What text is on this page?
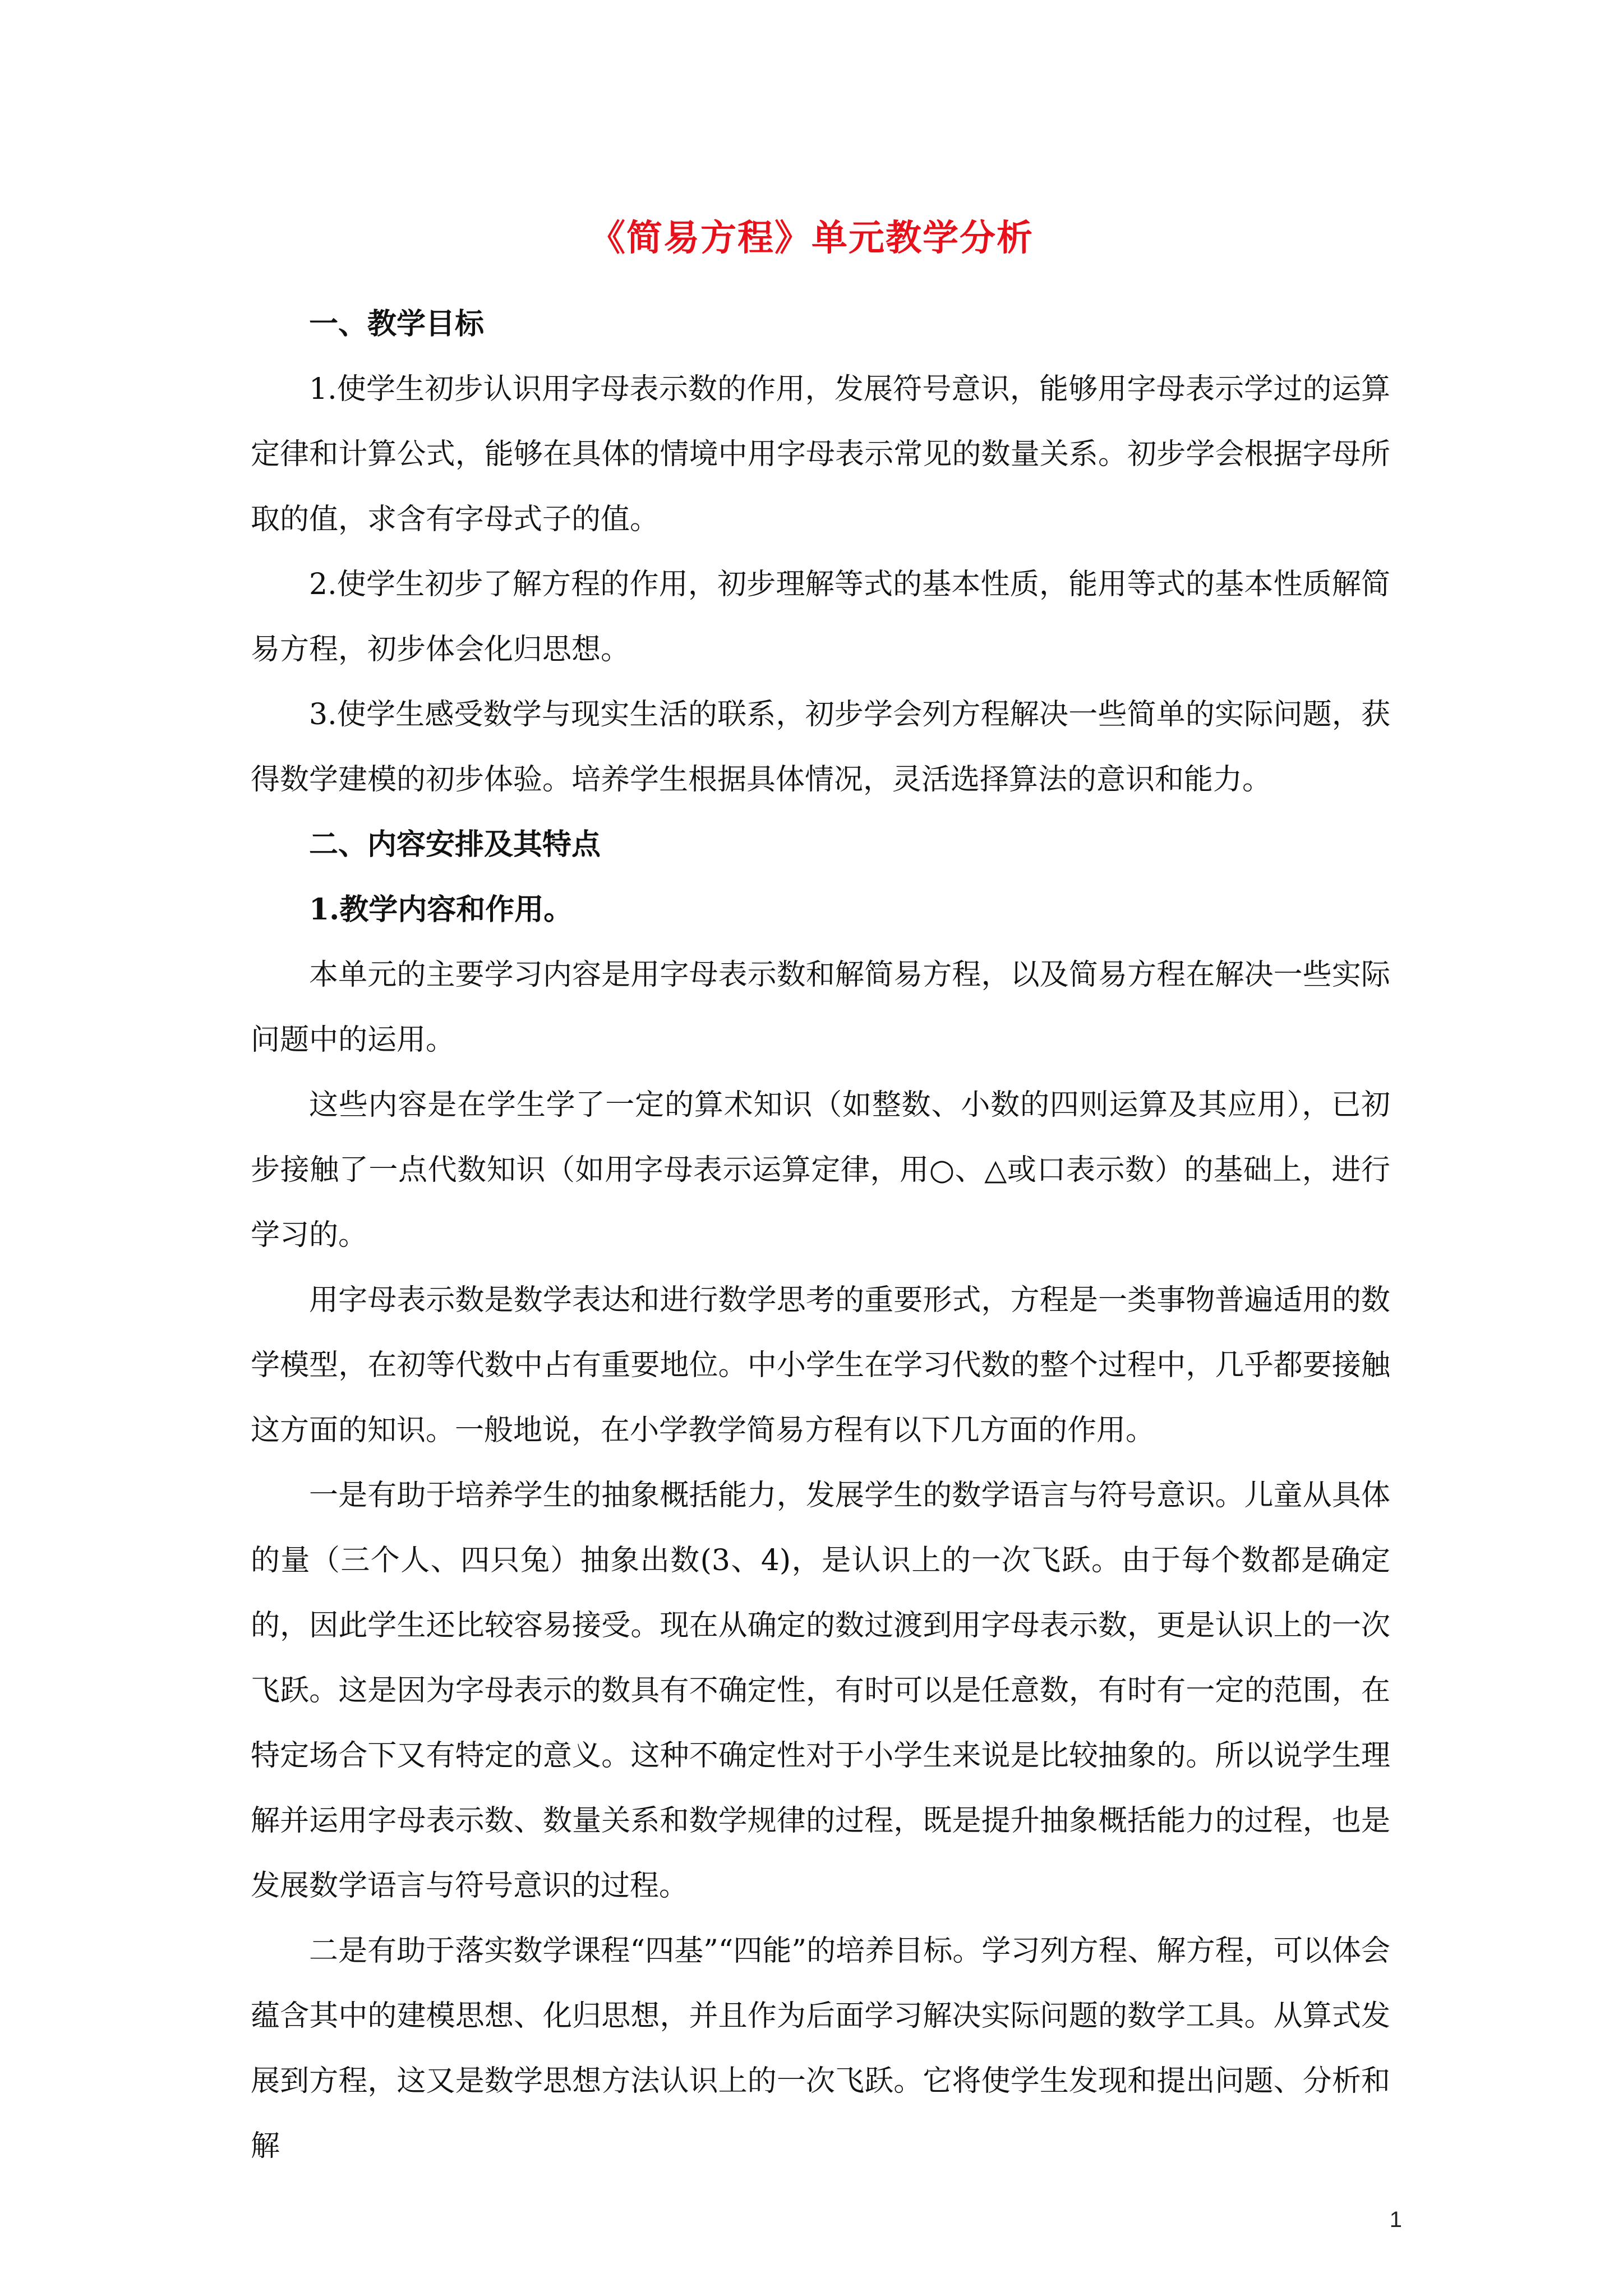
《简易方程》单元教学分析

一、教学目标

1.使学生初步认识用字母表示数的作用，发展符号意识，能够用字母表示学过的运算定律和计算公式，能够在具体的情境中用字母表示常见的数量关系。初步学会根据字母所取的值，求含有字母式子的值。

2.使学生初步了解方程的作用，初步理解等式的基本性质，能用等式的基本性质解简易方程，初步体会化归思想。

3.使学生感受数学与现实生活的联系，初步学会列方程解决一些简单的实际问题，获得数学建模的初步体验。培养学生根据具体情况，灵活选择算法的意识和能力。

二、内容安排及其特点

1.教学内容和作用。

本单元的主要学习内容是用字母表示数和解简易方程，以及简易方程在解决一些实际问题中的运用。

这些内容是在学生学了一定的算术知识（如整数、小数的四则运算及其应用），已初步接触了一点代数知识（如用字母表示运算定律，用○、△或口表示数）的基础上，进行学习的。

用字母表示数是数学表达和进行数学思考的重要形式，方程是一类事物普遍适用的数学模型，在初等代数中占有重要地位。中小学生在学习代数的整个过程中，几乎都要接触这方面的知识。一般地说，在小学教学简易方程有以下几方面的作用。

一是有助于培养学生的抽象概括能力，发展学生的数学语言与符号意识。儿童从具体的量（三个人、四只兔）抽象出数(3、4)，是认识上的一次飞跃。由于每个数都是确定的，因此学生还比较容易接受。现在从确定的数过渡到用字母表示数，更是认识上的一次飞跃。这是因为字母表示的数具有不确定性，有时可以是任意数，有时有一定的范围，在特定场合下又有特定的意义。这种不确定性对于小学生来说是比较抽象的。所以说学生理解并运用字母表示数、数量关系和数学规律的过程，既是提升抽象概括能力的过程，也是发展数学语言与符号意识的过程。

二是有助于落实数学课程“四基”“四能”的培养目标。学习列方程、解方程，可以体会蕴含其中的建模思想、化归思想，并且作为后面学习解决实际问题的数学工具。从算式发展到方程，这又是数学思想方法认识上的一次飞跃。它将使学生发现和提出问题、分析和解

1
